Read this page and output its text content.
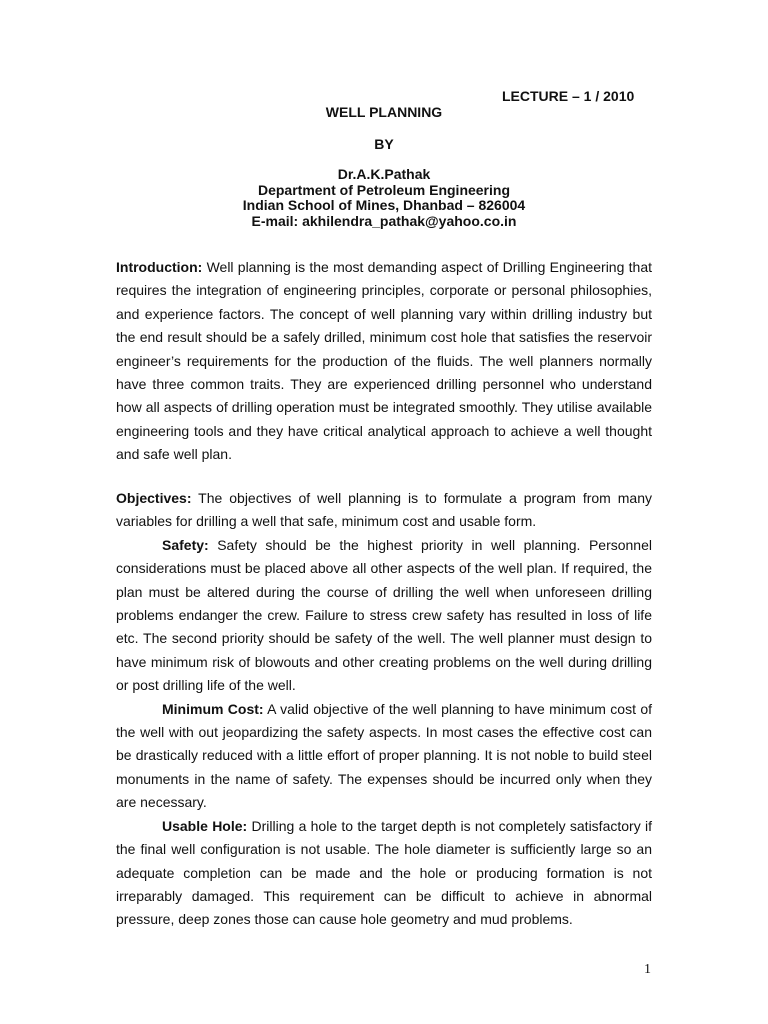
LECTURE – 1 / 2010
WELL PLANNING
BY
Dr.A.K.Pathak
Department of Petroleum Engineering
Indian School of Mines, Dhanbad – 826004
E-mail: akhilendra_pathak@yahoo.co.in

Introduction: Well planning is the most demanding aspect of Drilling Engineering that requires the integration of engineering principles, corporate or personal philosophies, and experience factors. The concept of well planning vary within drilling industry but the end result should be a safely drilled, minimum cost hole that satisfies the reservoir engineer’s requirements for the production of the fluids. The well planners normally have three common traits. They are experienced drilling personnel who understand how all aspects of drilling operation must be integrated smoothly. They utilise available engineering tools and they have critical analytical approach to achieve a well thought and safe well plan.

Objectives: The objectives of well planning is to formulate a program from many variables for drilling a well that safe, minimum cost and usable form.

Safety: Safety should be the highest priority in well planning. Personnel considerations must be placed above all other aspects of the well plan. If required, the plan must be altered during the course of drilling the well when unforeseen drilling problems endanger the crew. Failure to stress crew safety has resulted in loss of life etc. The second priority should be safety of the well. The well planner must design to have minimum risk of blowouts and other creating problems on the well during drilling or post drilling life of the well.

Minimum Cost: A valid objective of the well planning to have minimum cost of the well with out jeopardizing the safety aspects. In most cases the effective cost can be drastically reduced with a little effort of proper planning. It is not noble to build steel monuments in the name of safety. The expenses should be incurred only when they are necessary.

Usable Hole: Drilling a hole to the target depth is not completely satisfactory if the final well configuration is not usable. The hole diameter is sufficiently large so an adequate completion can be made and the hole or producing formation is not irreparably damaged. This requirement can be difficult to achieve in abnormal pressure, deep zones those can cause hole geometry and mud problems.

1
